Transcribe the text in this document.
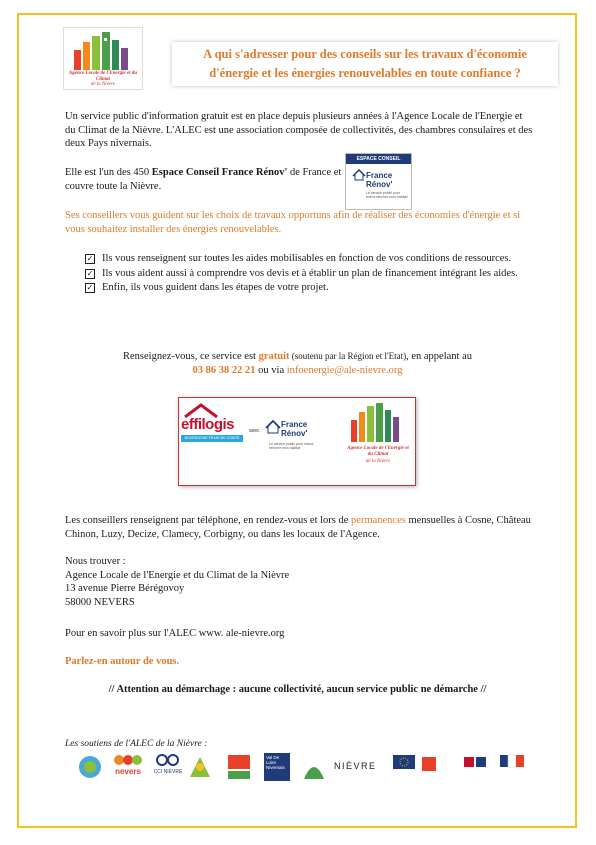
Agence Locale de l'Energie et du Climat
de la Nièvre
A qui s'adresser pour des conseils sur les travaux d'économie
d'énergie et les énergies renouvelables en toute confiance ?
Un service public d'information gratuit est en place depuis plusieurs années à l'Agence Locale de l'Energie et du Climat de la Nièvre. L'ALEC est une association composée de collectivités, des chambres consulaires et des deux Pays nivernais.
Elle est l'un des 450 Espace Conseil France Rénov' de France et couvre toute la Nièvre.
ESPACE CONSEIL
France
Rénov'
Le service public pour mieux rénover mon habitat
Ses conseillers vous guident sur les choix de travaux opportuns afin de réaliser des économies d'énergie et si vous souhaitez installer des énergies renouvelables.
✓ Ils vous renseignent sur toutes les aides mobilisables en fonction de vos conditions de ressources.
✓ Ils vous aident aussi à comprendre vos devis et à établir un plan de financement intégrant les aides.
✓ Enfin, ils vous guident dans les étapes de votre projet.
Renseignez-vous, ce service est gratuit (soutenu par la Région et l'Etat), en appelant au
03 86 38 22 21 ou via infoenergie@ale-nievre.org
effilogis
BOURGOGNE FRANCHE-COMTÉ
avec
France
Rénov'
Le service public pour mieux rénover mon habitat	Agence Locale de l'Energie et du Climat
de la Nièvre
Les conseillers renseignent par téléphone, en rendez-vous et lors de permanences mensuelles à Cosne, Château Chinon, Luzy, Decize, Clamecy, Corbigny, ou dans les locaux de l'Agence.
Nous trouver :
Agence Locale de l'Energie et du Climat de la Nièvre
13 avenue Pierre Bérégovoy
58000 NEVERS
Pour en savoir plus sur l'ALEC www. ale-nievre.org
Parlez-en autour de vous.
// Attention au démarchage : aucune collectivité, aucun service public ne démarche //
Les soutiens de l'ALEC de la Nièvre :
nevers	CCI NIÈVRE
Val De Loire Nivernais	NIÈVRE
